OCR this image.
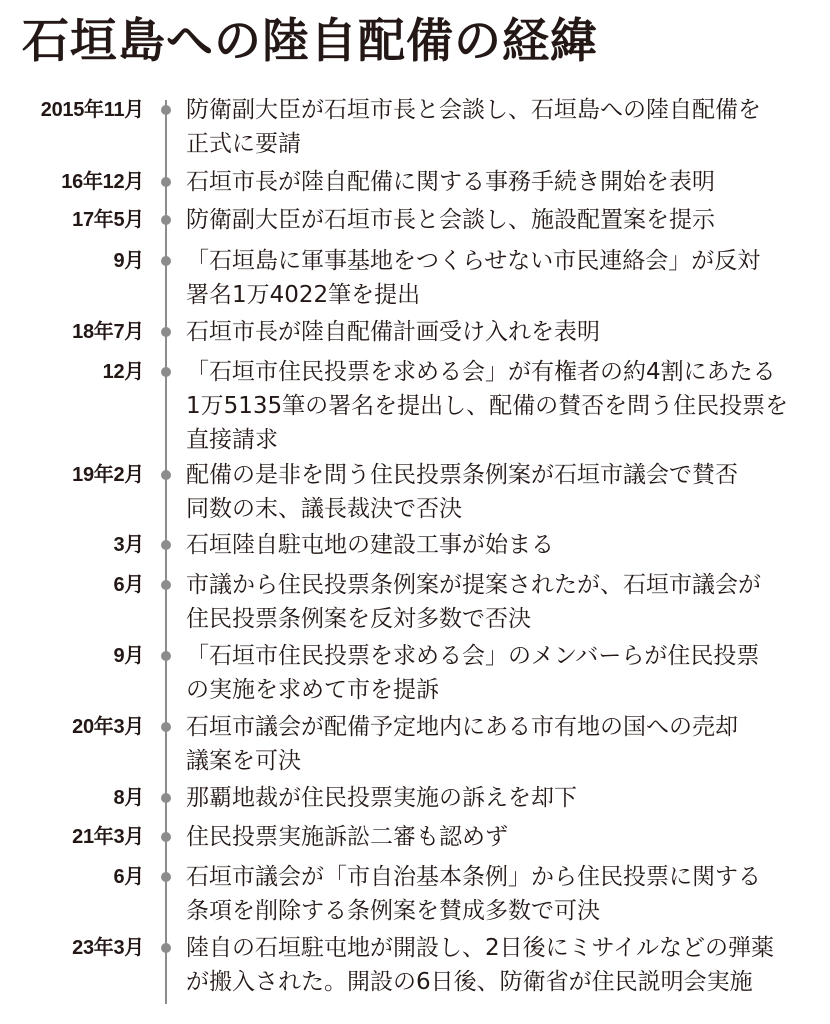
石垣島への陸自配備の経緯
2015年11月 防衛副大臣が石垣市長と会談し、石垣島への陸自配備を
正式に要請
16年12月 石垣市長が陸自配備に関する事務手続き開始を表明
17年5月 防衛副大臣が石垣市長と会談し、施設配置案を提示
9月 「石垣島に軍事基地をつくらせない市民連絡会」が反対
署名1万4022筆を提出
18年7月 石垣市長が陸自配備計画受け入れを表明
12月 「石垣市住民投票を求める会」が有権者の約4割にあたる
1万5135筆の署名を提出し、配備の賛否を問う住民投票を
直接請求
19年2月 配備の是非を問う住民投票条例案が石垣市議会で賛否
同数の末、議長裁決で否決
3月 石垣陸自駐屯地の建設工事が始まる
6月 市議から住民投票条例案が提案されたが、石垣市議会が
住民投票条例案を反対多数で否決
9月 「石垣市住民投票を求める会」のメンバーらが住民投票
の実施を求めて市を提訴
20年3月 石垣市議会が配備予定地内にある市有地の国への売却
議案を可決
8月 那覇地裁が住民投票実施の訴えを却下
21年3月 住民投票実施訴訟二審も認めず
6月 石垣市議会が「市自治基本条例」から住民投票に関する
条項を削除する条例案を賛成多数で可決
23年3月 陸自の石垣駐屯地が開設し、2日後にミサイルなどの弾薬
が搬入された。開設の6日後、防衛省が住民説明会実施
